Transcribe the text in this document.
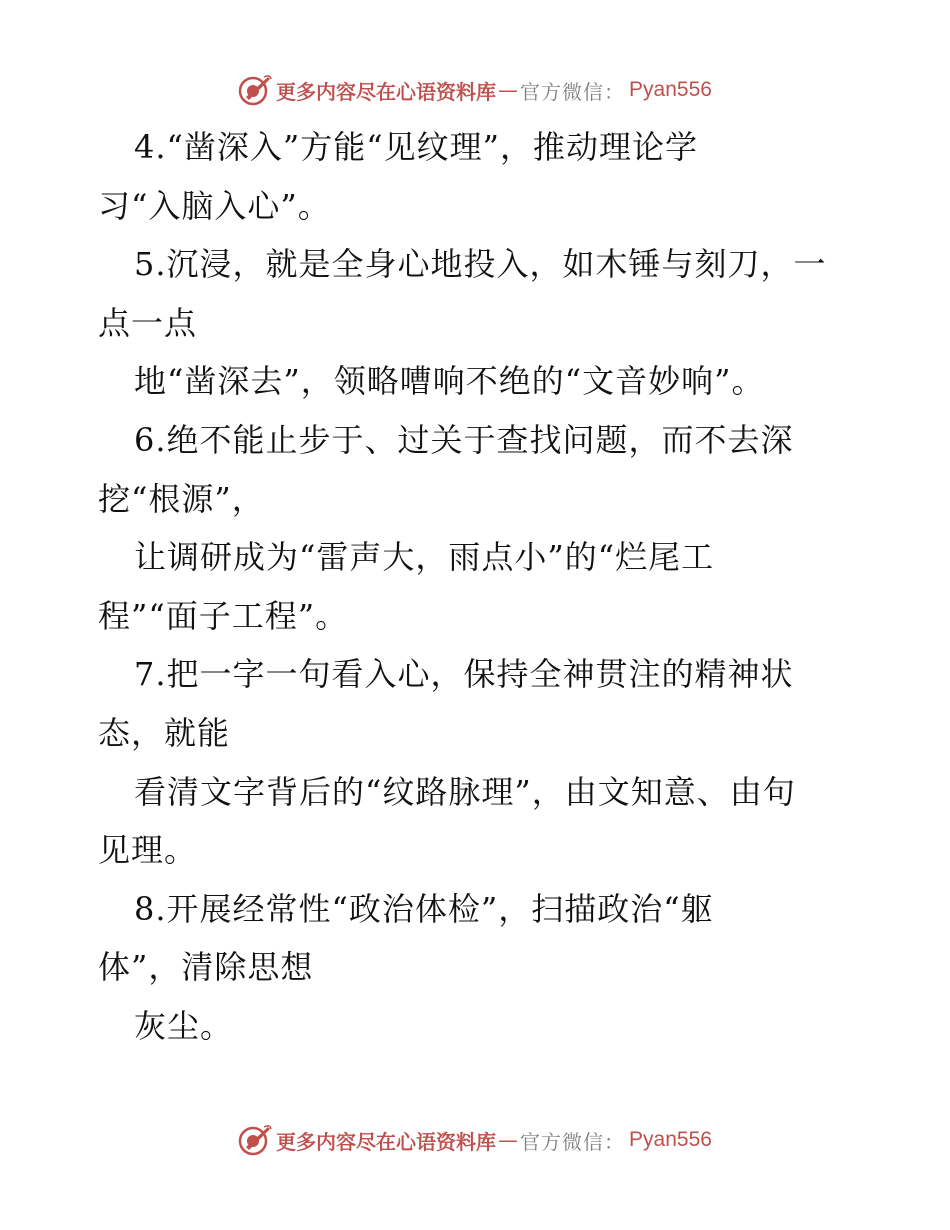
更多内容尽在心语资料库 — 官方微信： Pyan556
4.“凿深入”方能“见纹理”，推动理论学
习“入脑入心”。
5.沉浸，就是全身心地投入，如木锤与刻刀，一
点一点
地“凿深去”，领略嘈响不绝的“文音妙响”。
6.绝不能止步于、过关于查找问题，而不去深
挖“根源”，
让调研成为“雷声大，雨点小”的“烂尾工
程”“面子工程”。
7.把一字一句看入心，保持全神贯注的精神状
态，就能
看清文字背后的“纹路脉理”，由文知意、由句
见理。
8.开展经常性“政治体检”，扫描政治“躯
体”，清除思想
灰尘。
更多内容尽在心语资料库 — 官方微信： Pyan556
